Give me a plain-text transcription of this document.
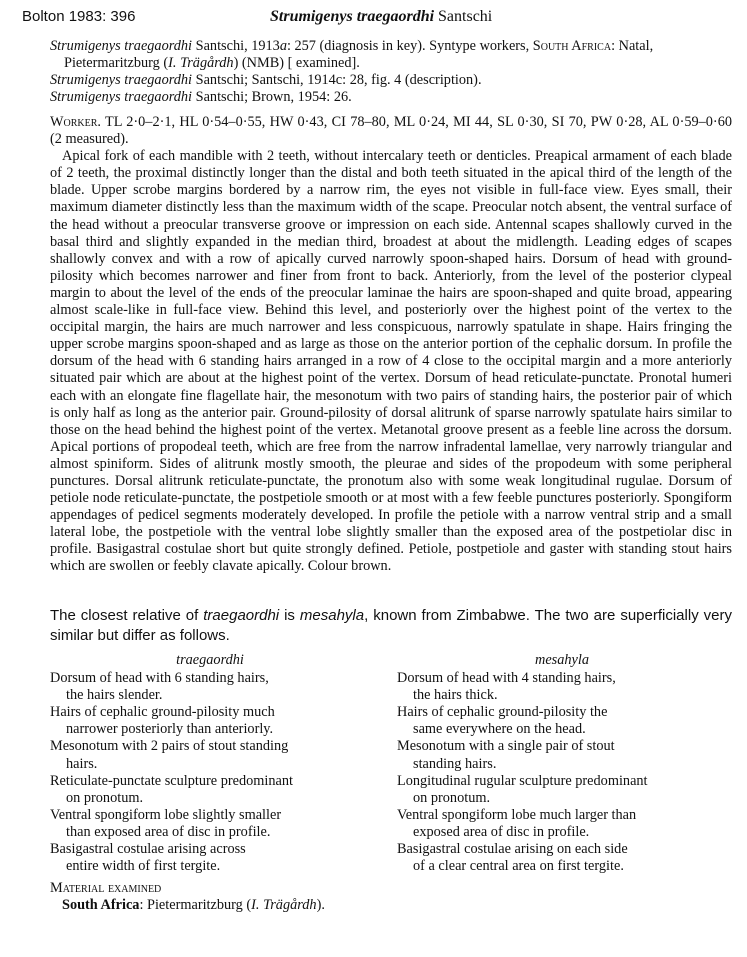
Bolton 1983: 396	Strumigenys traegaordhi Santschi
Strumigenys traegaordhi Santschi, 1913a: 257 (diagnosis in key). Syntype workers, South Africa: Natal,
Pietermaritzburg (I. Trägårdh) (NMB) [ examined].
Strumigenys traegaordhi Santschi; Santschi, 1914c: 28, fig. 4 (description).
Strumigenys traegaordhi Santschi; Brown, 1954: 26.

Worker. TL 2·0–2·1, HL 0·54–0·55, HW 0·43, CI 78–80, ML 0·24, MI 44, SL 0·30, SI 70, PW 0·28, AL 0·59–0·60 (2 measured).

Apical fork of each mandible with 2 teeth, without intercalary teeth or denticles. Preapical armament of each blade of 2 teeth, the proximal distinctly longer than the distal and both teeth situated in the apical third of the length of the blade. Upper scrobe margins bordered by a narrow rim, the eyes not visible in full-face view. Eyes small, their maximum diameter distinctly less than the maximum width of the scape. Preocular notch absent, the ventral surface of the head without a preocular transverse groove or impression on each side. Antennal scapes shallowly curved in the basal third and slightly expanded in the median third, broadest at about the midlength. Leading edges of scapes shallowly convex and with a row of apically curved narrowly spoon-shaped hairs. Dorsum of head with ground-pilosity which becomes narrower and finer from front to back. Anteriorly, from the level of the posterior clypeal margin to about the level of the ends of the preocular laminae the hairs are spoon-shaped and quite broad, appearing almost scale-like in full-face view. Behind this level, and posteriorly over the highest point of the vertex to the occipital margin, the hairs are much narrower and less conspicuous, narrowly spatulate in shape. Hairs fringing the upper scrobe margins spoon-shaped and as large as those on the anterior portion of the cephalic dorsum. In profile the dorsum of the head with 6 standing hairs arranged in a row of 4 close to the occipital margin and a more anteriorly situated pair which are about at the highest point of the vertex. Dorsum of head reticulate-punctate. Pronotal humeri each with an elongate fine flagellate hair, the mesonotum with two pairs of standing hairs, the posterior pair of which is only half as long as the anterior pair. Ground-pilosity of dorsal alitrunk of sparse narrowly spatulate hairs similar to those on the head behind the highest point of the vertex. Metanotal groove present as a feeble line across the dorsum. Apical portions of propodeal teeth, which are free from the narrow infradental lamellae, very narrowly triangular and almost spiniform. Sides of alitrunk mostly smooth, the pleurae and sides of the propodeum with some peripheral punctures. Dorsal alitrunk reticulate-punctate, the pronotum also with some weak longitudinal rugulae. Dorsum of petiole node reticulate-punctate, the postpetiole smooth or at most with a few feeble punctures posteriorly. Spongiform appendages of pedicel segments moderately developed. In profile the petiole with a narrow ventral strip and a small lateral lobe, the postpetiole with the ventral lobe slightly smaller than the exposed area of the postpetiolar disc in profile. Basigastral costulae short but quite strongly defined. Petiole, postpetiole and gaster with standing stout hairs which are swollen or feebly clavate apically. Colour brown.

The closest relative of traegaordhi is mesahyla, known from Zimbabwe. The two are superficially very similar but differ as follows.
traegaordhi
Dorsum of head with 6 standing hairs,
the hairs slender.
Hairs of cephalic ground-pilosity much
narrower posteriorly than anteriorly.
Mesonotum with 2 pairs of stout standing
hairs.
Reticulate-punctate sculpture predominant
on pronotum.
Ventral spongiform lobe slightly smaller
than exposed area of disc in profile.
Basigastral costulae arising across
entire width of first tergite.
mesahyla
Dorsum of head with 4 standing hairs,
the hairs thick.
Hairs of cephalic ground-pilosity the
same everywhere on the head.
Mesonotum with a single pair of stout
standing hairs.
Longitudinal rugular sculpture predominant
on pronotum.
Ventral spongiform lobe much larger than
exposed area of disc in profile.
Basigastral costulae arising on each side
of a clear central area on first tergite.
Material examined
South Africa: Pietermaritzburg (I. Trägårdh).
